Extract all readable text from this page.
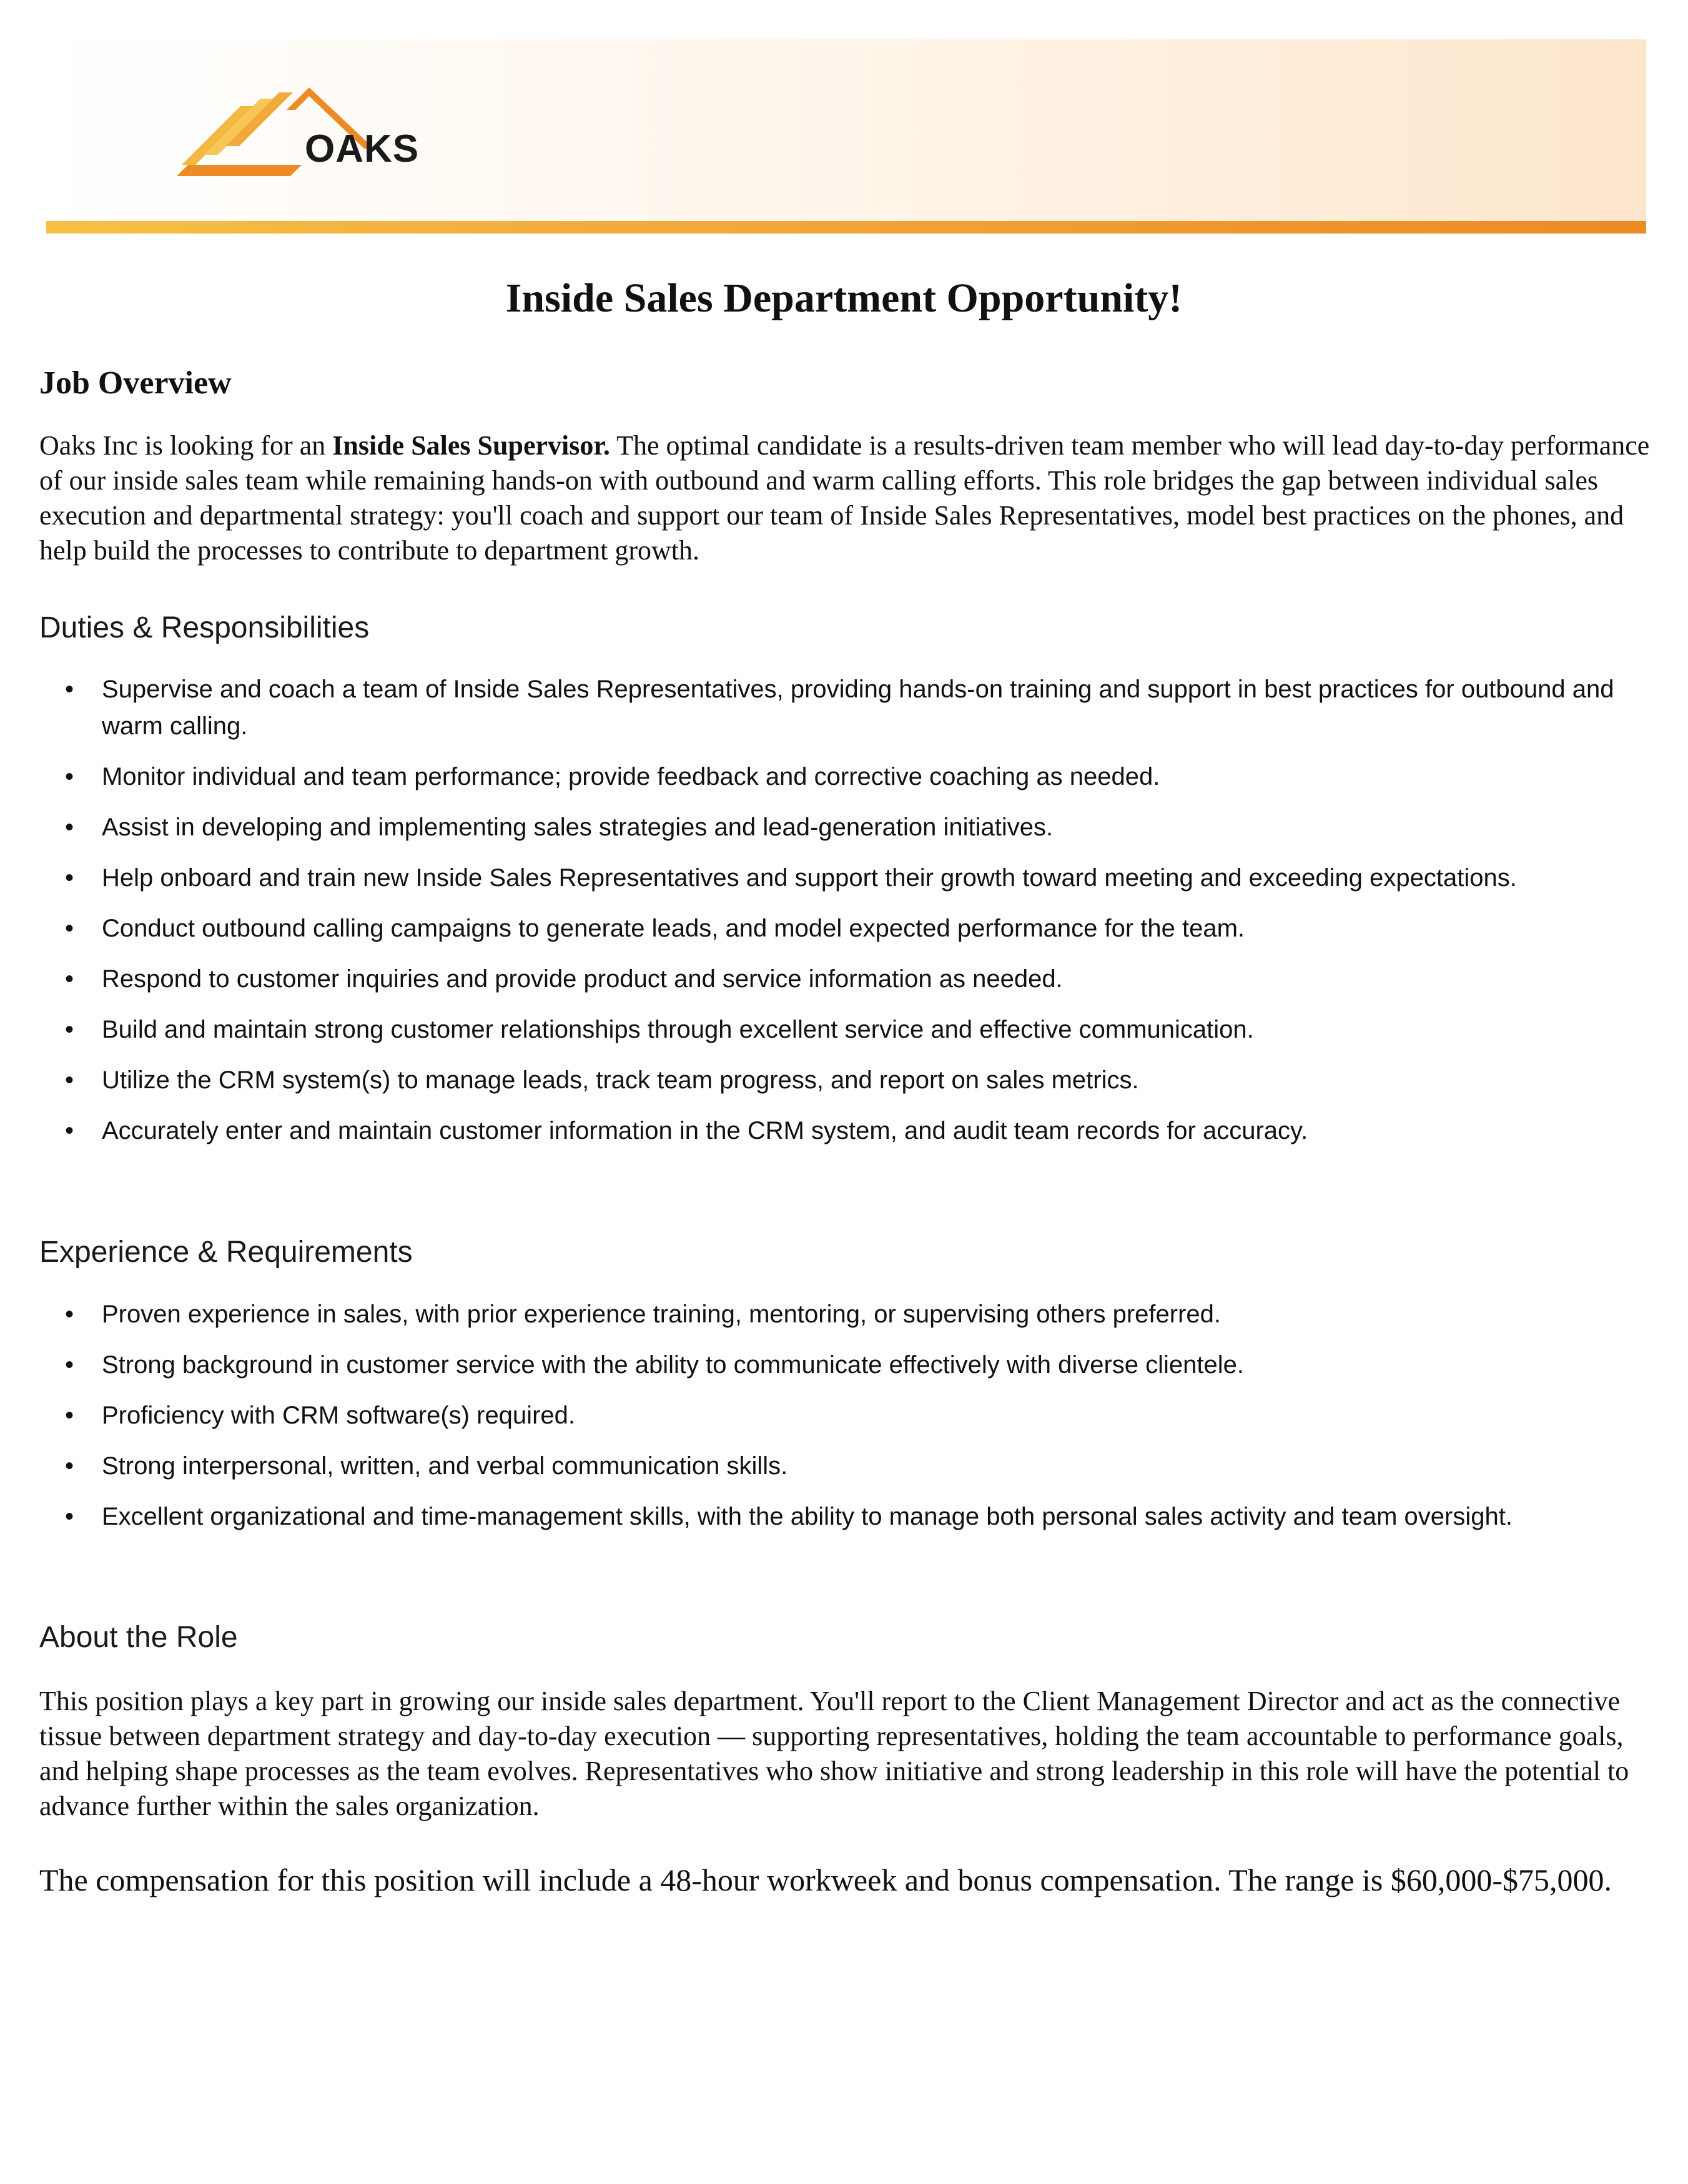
OAKS
Inside Sales Department Opportunity!
Job Overview
Oaks Inc is looking for an Inside Sales Supervisor. The optimal candidate is a results-driven team member who will lead day-to-day performance of our inside sales team while remaining hands-on with outbound and warm calling efforts. This role bridges the gap between individual sales execution and departmental strategy: you'll coach and support our team of Inside Sales Representatives, model best practices on the phones, and help build the processes to contribute to department growth.
Duties & Responsibilities
• Supervise and coach a team of Inside Sales Representatives, providing hands-on training and support in best practices for outbound and warm calling.
• Monitor individual and team performance; provide feedback and corrective coaching as needed.
• Assist in developing and implementing sales strategies and lead-generation initiatives.
• Help onboard and train new Inside Sales Representatives and support their growth toward meeting and exceeding expectations.
• Conduct outbound calling campaigns to generate leads, and model expected performance for the team.
• Respond to customer inquiries and provide product and service information as needed.
• Build and maintain strong customer relationships through excellent service and effective communication.
• Utilize the CRM system(s) to manage leads, track team progress, and report on sales metrics.
• Accurately enter and maintain customer information in the CRM system, and audit team records for accuracy.
Experience & Requirements
• Proven experience in sales, with prior experience training, mentoring, or supervising others preferred.
• Strong background in customer service with the ability to communicate effectively with diverse clientele.
• Proficiency with CRM software(s) required.
• Strong interpersonal, written, and verbal communication skills.
• Excellent organizational and time-management skills, with the ability to manage both personal sales activity and team oversight.
About the Role
This position plays a key part in growing our inside sales department. You'll report to the Client Management Director and act as the connective tissue between department strategy and day-to-day execution — supporting representatives, holding the team accountable to performance goals, and helping shape processes as the team evolves. Representatives who show initiative and strong leadership in this role will have the potential to advance further within the sales organization.
The compensation for this position will include a 48-hour workweek and bonus compensation. The range is $60,000-$75,000.
